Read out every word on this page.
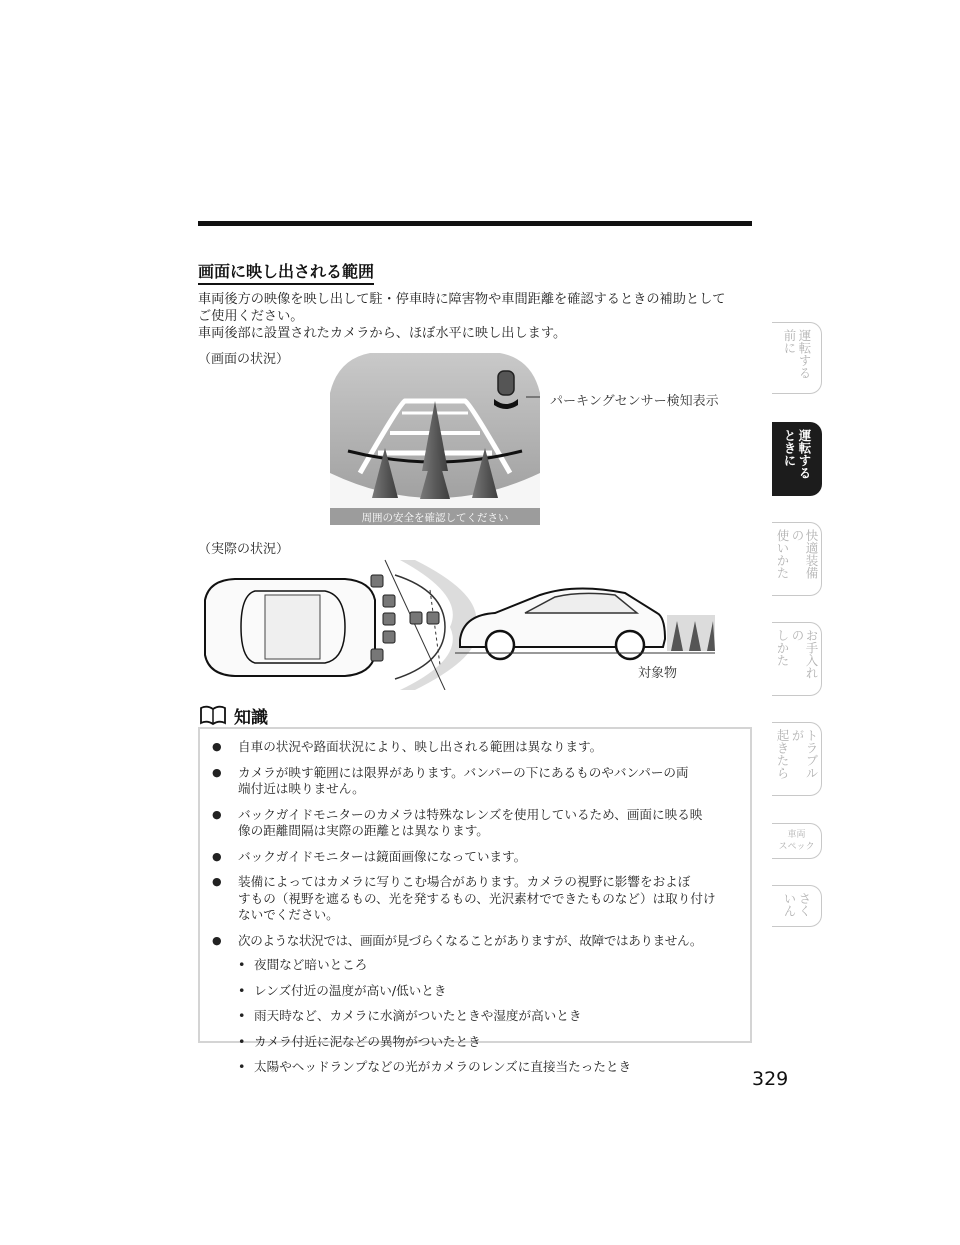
画面に映し出される範囲
車両後方の映像を映し出して駐・停車時に障害物や車間距離を確認するときの補助として
ご使用ください。
車両後部に設置されたカメラから、ほぼ水平に映し出します。
（画面の状況）
周囲の安全を確認してください
パーキングセンサー検知表示
（実際の状況）
対象物
知識
● 自車の状況や路面状況により、映し出される範囲は異なります。
● カメラが映す範囲には限界があります。バンパーの下にあるものやバンパーの両
端付近は映りません。
● バックガイドモニターのカメラは特殊なレンズを使用しているため、画面に映る映
像の距離間隔は実際の距離とは異なります。
● バックガイドモニターは鏡面画像になっています。
● 装備によってはカメラに写りこむ場合があります。カメラの視野に影響をおよぼ
すもの（視野を遮るもの、光を発するもの、光沢素材でできたものなど）は取り付け
ないでください。
● 次のような状況では、画面が見づらくなることがありますが、故障ではありません。
• 夜間など暗いところ
• レンズ付近の温度が高い/低いとき
• 雨天時など、カメラに水滴がついたときや湿度が高いとき
• カメラ付近に泥などの異物がついたとき
• 太陽やヘッドランプなどの光がカメラのレンズに直接当たったとき
329
運転する
前に
運転する
ときに
快適装備の
使いかた
お手入れの
しかた
トラブルが
起きたら
車両
スペック
さく
いん
